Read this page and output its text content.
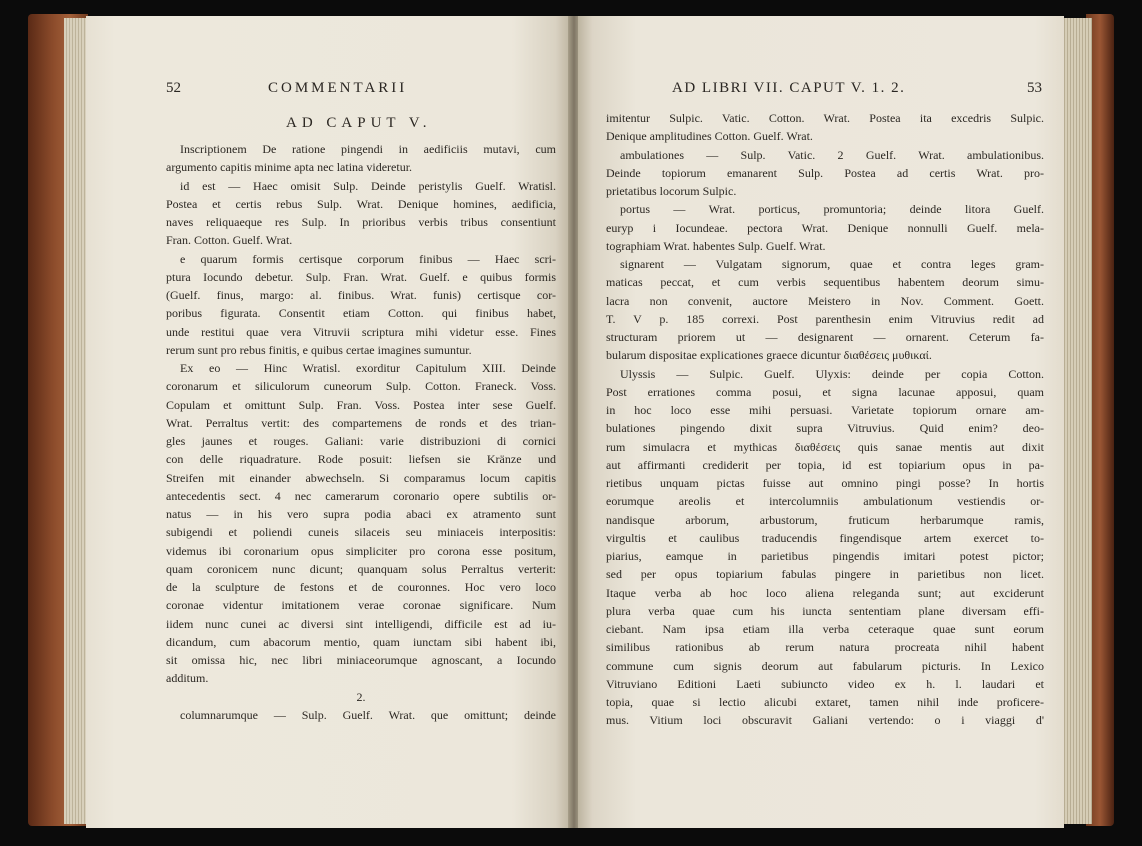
52	COMMENTARII
AD CAPUT V.
Inscriptionem De ratione pingendi in aedificiis mutavi, cum
argumento capitis minime apta nec latina videretur.
id est — Haec omisit Sulp. Deinde peristylis Guelf. Wratisl.
Postea et certis rebus Sulp. Wrat. Denique homines, aedificia,
naves reliquaeque res Sulp. In prioribus verbis tribus consentiunt
Fran. Cotton. Guelf. Wrat.
e quarum formis certisque corporum finibus — Haec scri-
ptura Iocundo debetur. Sulp. Fran. Wrat. Guelf. e quibus formis
(Guelf. finus, margo: al. finibus. Wrat. funis) certisque cor-
poribus figurata. Consentit etiam Cotton. qui finibus habet,
unde restitui quae vera Vitruvii scriptura mihi videtur esse. Fines
rerum sunt pro rebus finitis, e quibus certae imagines sumuntur.
Ex eo — Hinc Wratisl. exorditur Capitulum XIII. Deinde
coronarum et siliculorum cuneorum Sulp. Cotton. Franeck. Voss.
Copulam et omittunt Sulp. Fran. Voss. Postea inter sese Guelf.
Wrat. Perraltus vertit: des compartemens de ronds et des trian-
gles jaunes et rouges. Galiani: varie distribuzioni di cornici
con delle riquadrature. Rode posuit: liefsen sie Kränze und
Streifen mit einander abwechseln. Si comparamus locum capitis
antecedentis sect. 4 nec camerarum coronario opere subtilis or-
natus — in his vero supra podia abaci ex atramento sunt
subigendi et poliendi cuneis silaceis seu miniaceis interpositis:
videmus ibi coronarium opus simpliciter pro corona esse positum,
quam coronicem nunc dicunt; quanquam solus Perraltus verterit:
de la sculpture de festons et de couronnes. Hoc vero loco
coronae videntur imitationem verae coronae significare. Num
iidem nunc cunei ac diversi sint intelligendi, difficile est ad iu-
dicandum, cum abacorum mentio, quam iunctam sibi habent ibi,
sit omissa hic, nec libri miniaceorumque agnoscant, a Iocundo
additum.
2.
columnarumque — Sulp. Guelf. Wrat. que omittunt; deinde
AD LIBRI VII. CAPUT V. 1. 2.	53
imitentur Sulpic. Vatic. Cotton. Wrat. Postea ita excedris Sulpic.
Denique amplitudines Cotton. Guelf. Wrat.
ambulationes — Sulp. Vatic. 2 Guelf. Wrat. ambulationibus.
Deinde topiorum emanarent Sulp. Postea ad certis Wrat. pro-
prietatibus locorum Sulpic.
portus — Wrat. porticus, promuntoria; deinde litora Guelf.
euryp i Iocundeae. pectora Wrat. Denique nonnulli Guelf. mela-
tographiam Wrat. habentes Sulp. Guelf. Wrat.
signarent — Vulgatam signorum, quae et contra leges gram-
maticas peccat, et cum verbis sequentibus habentem deorum simu-
lacra non convenit, auctore Meistero in Nov. Comment. Goett.
T. V p. 185 correxi. Post parenthesin enim Vitruvius redit ad
structuram priorem ut — designarent — ornarent. Ceterum fa-
bularum dispositae explicationes graece dicuntur διαθέσεις μυθικαί.
Ulyssis — Sulpic. Guelf. Ulyxis: deinde per copia Cotton.
Post errationes comma posui, et signa lacunae apposui, quam
in hoc loco esse mihi persuasi. Varietate topiorum ornare am-
bulationes pingendo dixit supra Vitruvius. Quid enim? deo-
rum simulacra et mythicas διαθέσεις quis sanae mentis aut dixit
aut affirmanti crediderit per topia, id est topiarium opus in pa-
rietibus unquam pictas fuisse aut omnino pingi posse? In hortis
eorumque areolis et intercolumniis ambulationum vestiendis or-
nandisque arborum, arbustorum, fruticum herbarumque ramis,
virgultis et caulibus traducendis fingendisque artem exercet to-
piarius, eamque in parietibus pingendis imitari potest pictor;
sed per opus topiarium fabulas pingere in parietibus non licet.
Itaque verba ab hoc loco aliena releganda sunt; aut exciderunt
plura verba quae cum his iuncta sententiam plane diversam effi-
ciebant. Nam ipsa etiam illa verba ceteraque quae sunt eorum
similibus rationibus ab rerum natura procreata nihil habent
commune cum signis deorum aut fabularum picturis. In Lexico
Vitruviano Editioni Laeti subiuncto video ex h. l. laudari et
topia, quae si lectio alicubi extaret, tamen nihil inde proficere-
mus. Vitium loci obscuravit Galiani vertendo: o i viaggi d'
